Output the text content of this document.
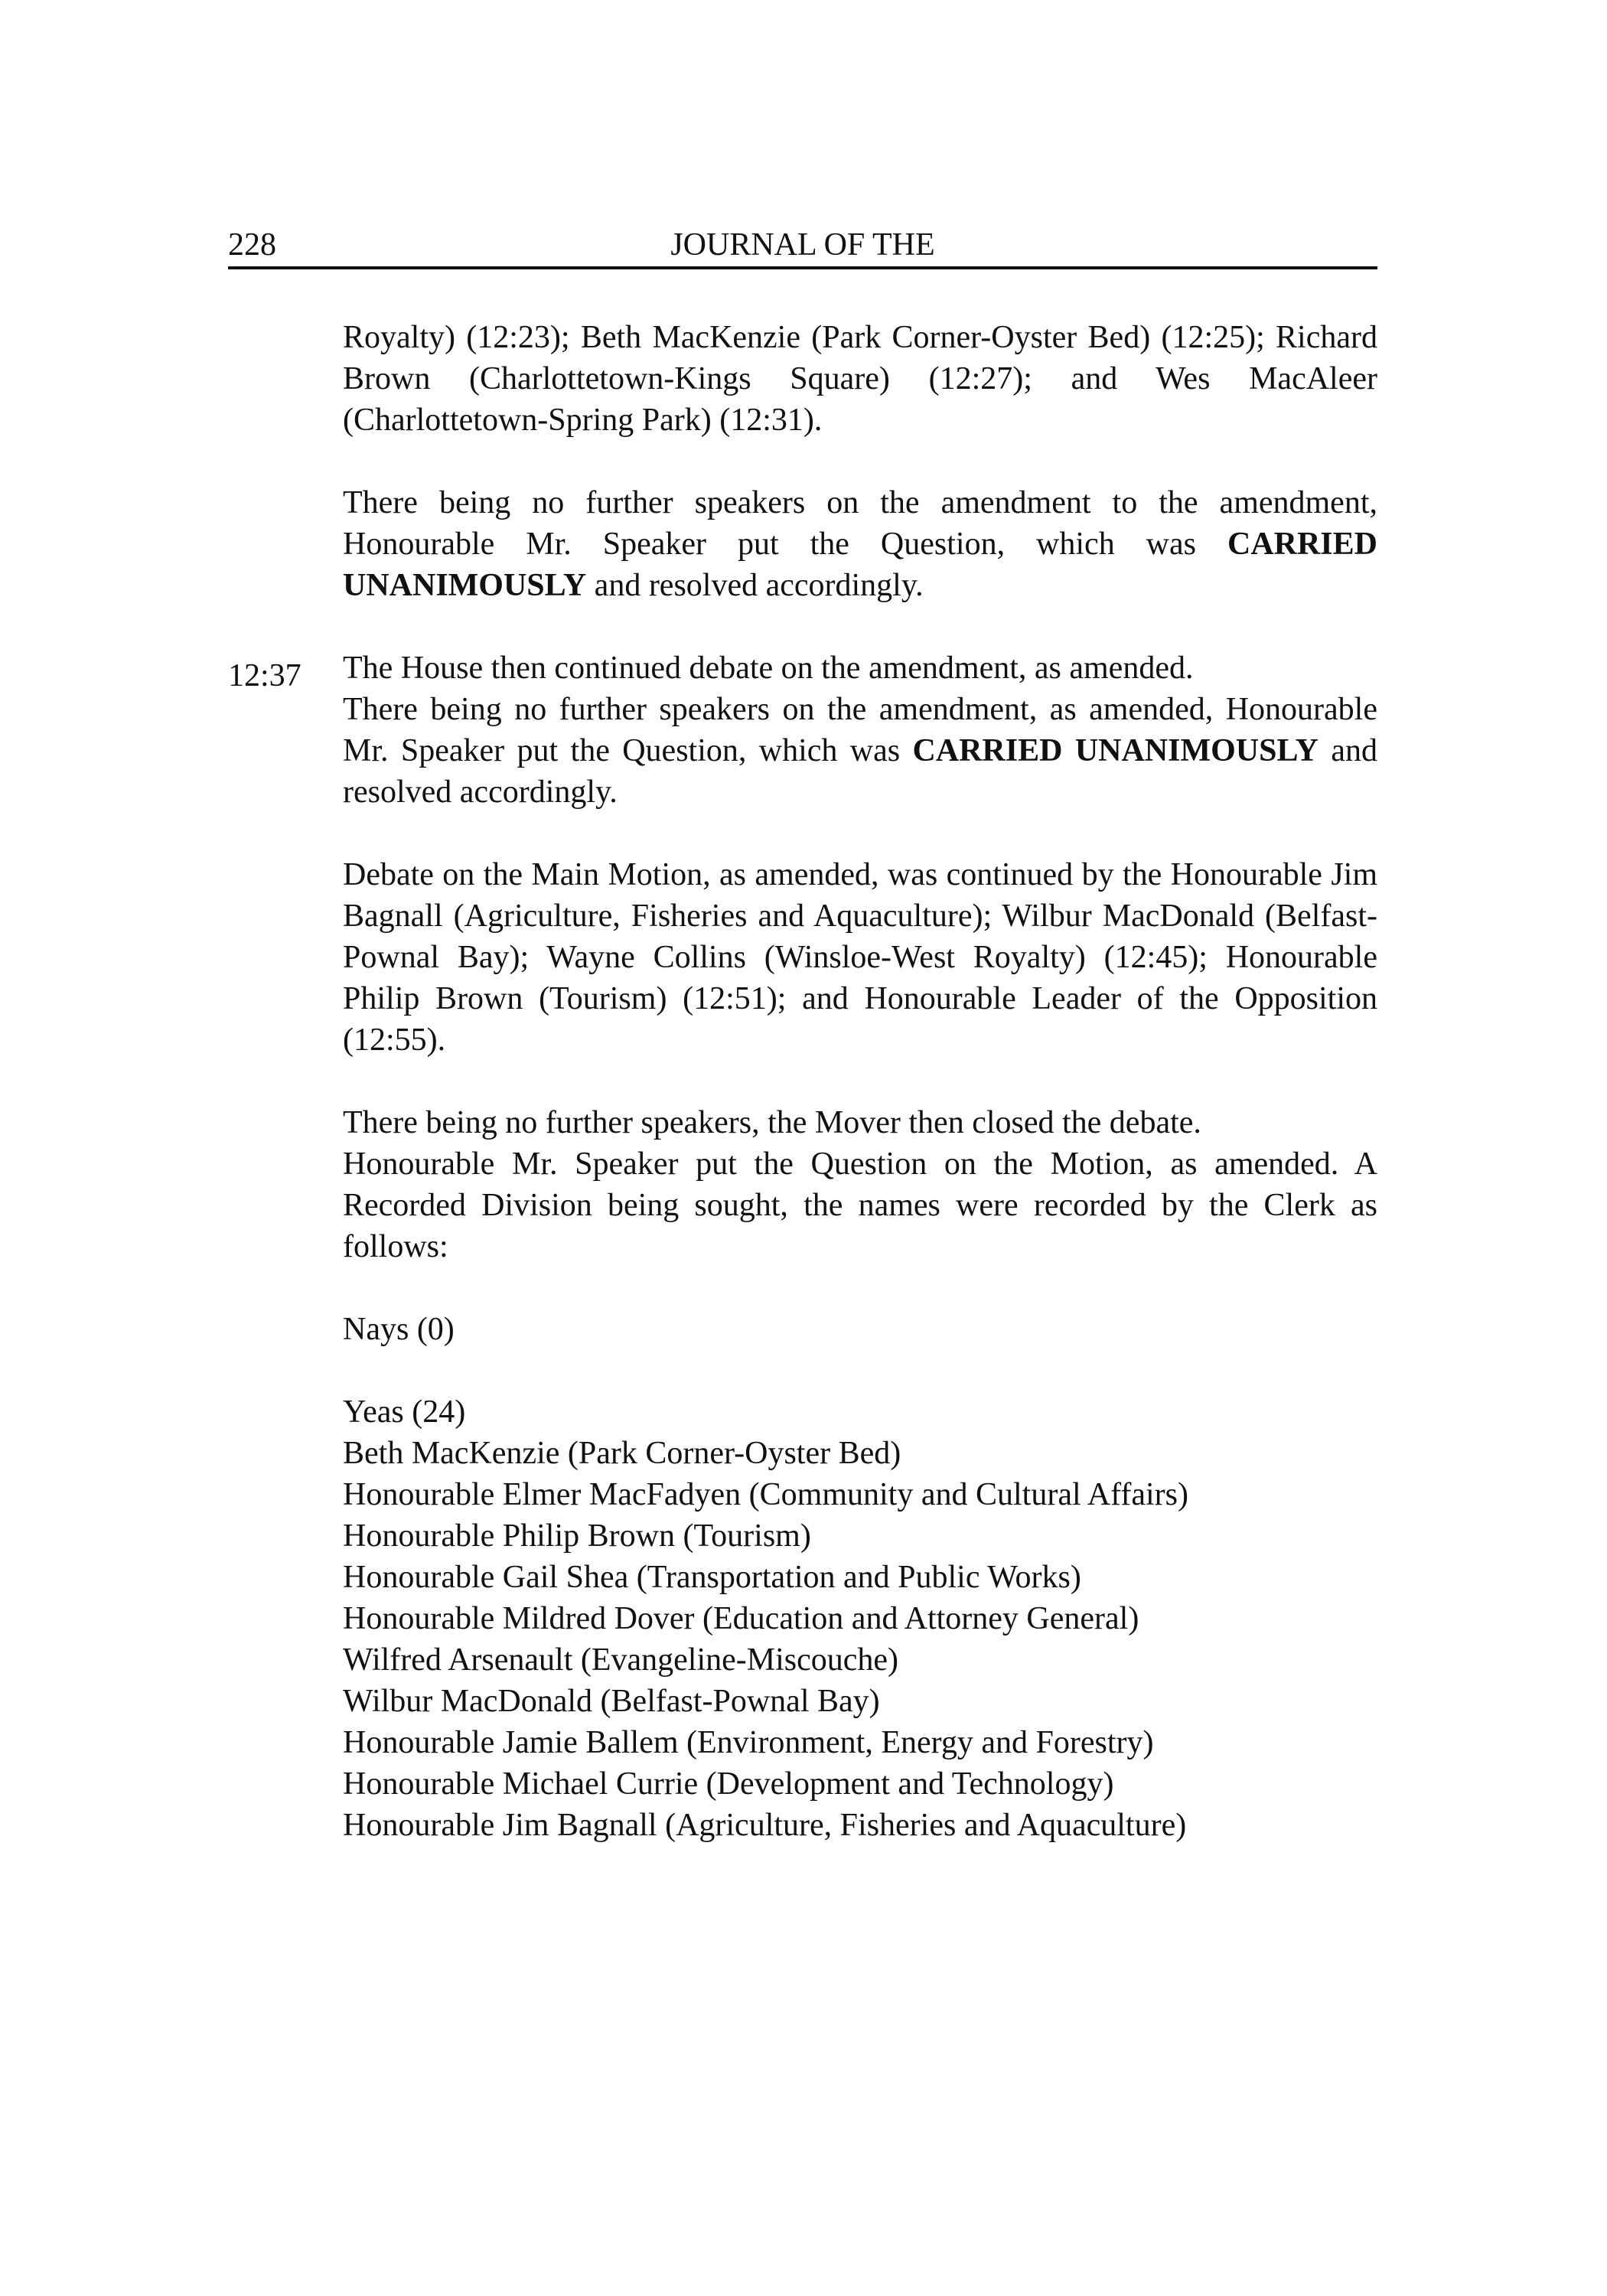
228	JOURNAL OF THE
12:37

Royalty) (12:23); Beth MacKenzie (Park Corner-Oyster Bed) (12:25); Richard Brown (Charlottetown-Kings Square) (12:27); and Wes MacAleer (Charlottetown-Spring Park) (12:31).

There being no further speakers on the amendment to the amendment, Honourable Mr. Speaker put the Question, which was CARRIED UNANIMOUSLY and resolved accordingly.

The House then continued debate on the amendment, as amended.

There being no further speakers on the amendment, as amended, Honourable Mr. Speaker put the Question, which was CARRIED UNANIMOUSLY and resolved accordingly.

Debate on the Main Motion, as amended, was continued by the Honourable Jim Bagnall (Agriculture, Fisheries and Aquaculture); Wilbur MacDonald (Belfast-Pownal Bay); Wayne Collins (Winsloe-West Royalty) (12:45); Honourable Philip Brown (Tourism) (12:51); and Honourable Leader of the Opposition (12:55).

There being no further speakers, the Mover then closed the debate.

Honourable Mr. Speaker put the Question on the Motion, as amended. A Recorded Division being sought, the names were recorded by the Clerk as follows:

Nays (0)

Yeas (24)

Beth MacKenzie (Park Corner-Oyster Bed)
Honourable Elmer MacFadyen (Community and Cultural Affairs)
Honourable Philip Brown (Tourism)
Honourable Gail Shea (Transportation and Public Works)
Honourable Mildred Dover (Education and Attorney General)
Wilfred Arsenault (Evangeline-Miscouche)
Wilbur MacDonald (Belfast-Pownal Bay)
Honourable Jamie Ballem (Environment, Energy and Forestry)
Honourable Michael Currie (Development and Technology)
Honourable Jim Bagnall (Agriculture, Fisheries and Aquaculture)
